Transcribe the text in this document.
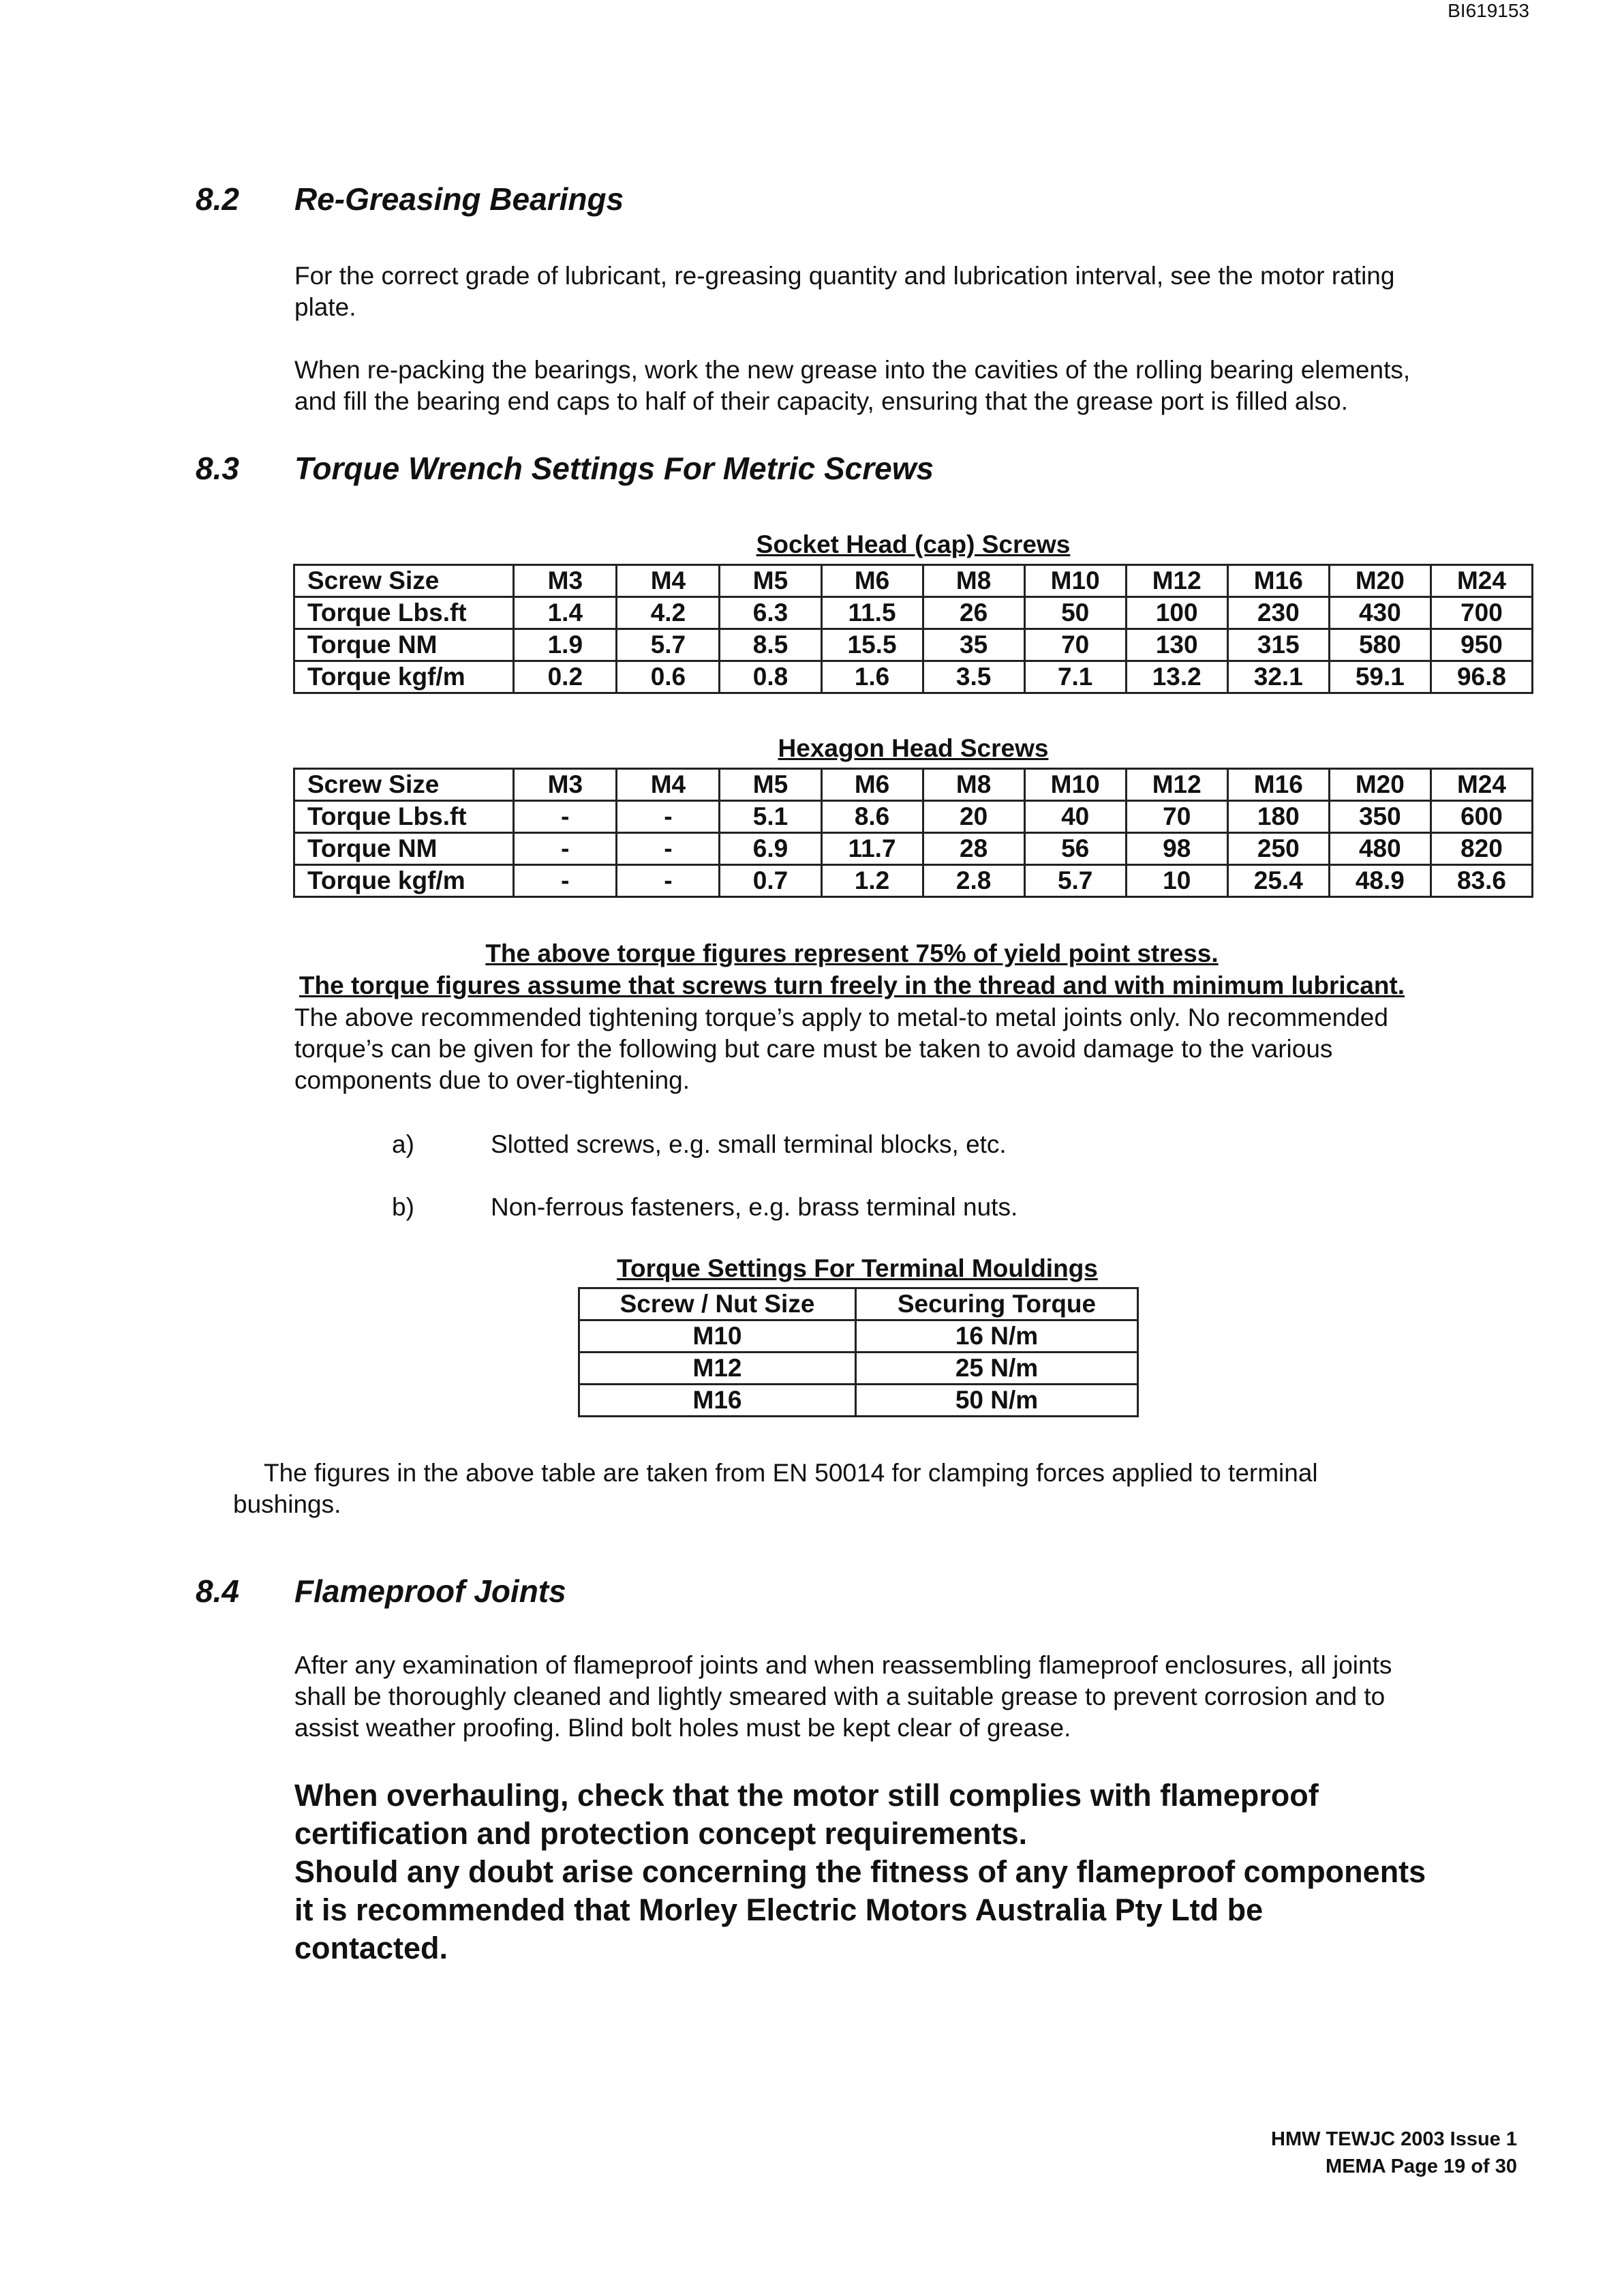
BI619153
8.2 Re-Greasing Bearings
For the correct grade of lubricant, re-greasing quantity and lubrication interval, see the motor rating
plate.
When re-packing the bearings, work the new grease into the cavities of the rolling bearing elements,
and fill the bearing end caps to half of their capacity, ensuring that the grease port is filled also.
8.3 Torque Wrench Settings For Metric Screws
Socket Head (cap) Screws
Screw Size	M3	M4	M5	M6	M8	M10	M12	M16	M20	M24
Torque Lbs.ft	1.4	4.2	6.3	11.5	26	50	100	230	430	700
Torque NM	1.9	5.7	8.5	15.5	35	70	130	315	580	950
Torque kgf/m	0.2	0.6	0.8	1.6	3.5	7.1	13.2	32.1	59.1	96.8
Hexagon Head Screws
Screw Size	M3	M4	M5	M6	M8	M10	M12	M16	M20	M24
Torque Lbs.ft	-	-	5.1	8.6	20	40	70	180	350	600
Torque NM	-	-	6.9	11.7	28	56	98	250	480	820
Torque kgf/m	-	-	0.7	1.2	2.8	5.7	10	25.4	48.9	83.6
The above torque figures represent 75% of yield point stress.
The torque figures assume that screws turn freely in the thread and with minimum lubricant.
The above recommended tightening torque’s apply to metal-to metal joints only. No recommended
torque’s can be given for the following but care must be taken to avoid damage to the various
components due to over-tightening.
a)	Slotted screws, e.g. small terminal blocks, etc.
b)	Non-ferrous fasteners, e.g. brass terminal nuts.
Torque Settings For Terminal Mouldings
Screw / Nut Size	Securing Torque
M10	16 N/m
M12	25 N/m
M16	50 N/m
The figures in the above table are taken from EN 50014 for clamping forces applied to terminal
bushings.
8.4 Flameproof Joints
After any examination of flameproof joints and when reassembling flameproof enclosures, all joints
shall be thoroughly cleaned and lightly smeared with a suitable grease to prevent corrosion and to
assist weather proofing. Blind bolt holes must be kept clear of grease.
When overhauling, check that the motor still complies with flameproof
certification and protection concept requirements.
Should any doubt arise concerning the fitness of any flameproof components
it is recommended that Morley Electric Motors Australia Pty Ltd be
contacted.
HMW TEWJC 2003 Issue 1
MEMA Page 19 of 30
